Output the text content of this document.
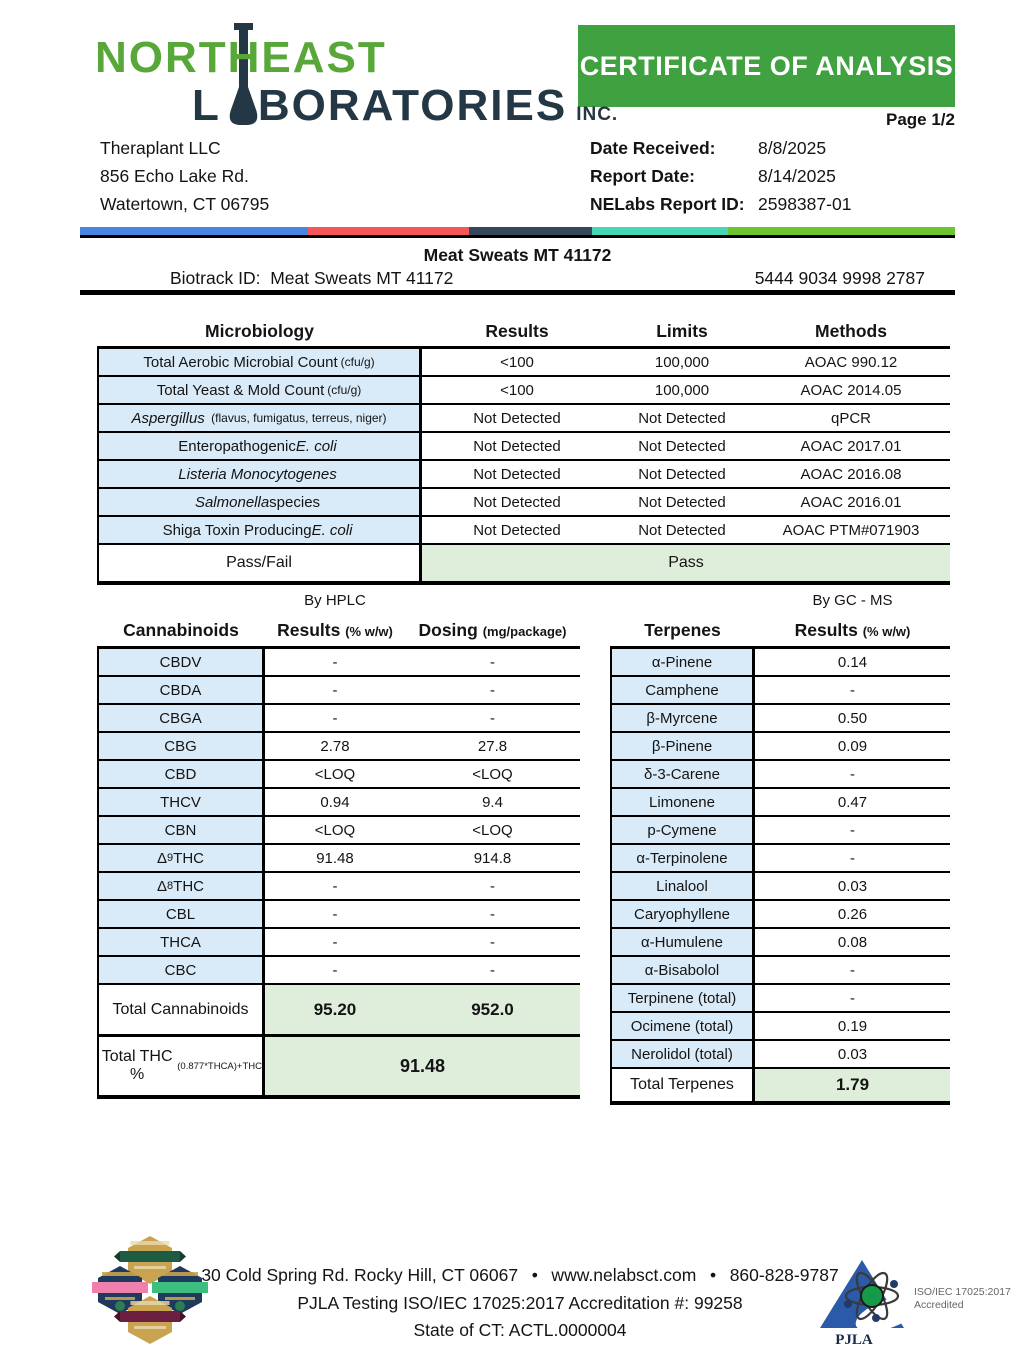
NORTHEAST
L BORATORIES INC.
CERTIFICATE OF ANALYSIS
Page 1/2
Theraplant LLC
856 Echo Lake Rd.
Watertown, CT 06795
Date Received: 8/8/2025
Report Date:	8/14/2025
NELabs Report ID: 2598387-01
Meat Sweats MT 41172
Biotrack ID: Meat Sweats MT 41172	5444 9034 9998 2787
Microbiology	Results	Limits	Methods
Total Aerobic Microbial Count (cfu/g)	<100	100,000	AOAC 990.12
Total Yeast & Mold Count (cfu/g)	<100	100,000	AOAC 2014.05
Aspergillus (flavus, fumigatus, terreus, niger)	Not Detected	Not Detected	qPCR
Enteropathogenic E. coli	Not Detected	Not Detected	AOAC 2017.01
Listeria Monocytogenes	Not Detected	Not Detected	AOAC 2016.08
Salmonella species	Not Detected	Not Detected	AOAC 2016.01
Shiga Toxin Producing E. coli	Not Detected	Not Detected	AOAC PTM#071903
Pass/Fail	Pass
By HPLC	By GC - MS
Cannabinoids	Results (% w/w)	Dosing (mg/package)
CBDV	-	-
CBDA	-	-
CBGA	-	-
CBG	2.78	27.8
CBD	<LOQ	<LOQ
THCV	0.94	9.4
CBN	<LOQ	<LOQ
Δ 9 THC	91.48	914.8
Δ 8 THC	-	-
CBL	-	-
THCA	-	-
CBC	-	-
Total Cannabinoids	95.20	952.0
Total THC %	(0.877*THCA)+THC	91.48
Terpenes	Results (% w/w)
α-Pinene	0.14
Camphene	-
β-Myrcene	0.50
β-Pinene	0.09
δ-3-Carene	-
Limonene	0.47
p-Cymene	-
α-Terpinolene	-
Linalool	0.03
Caryophyllene	0.26
α-Humulene	0.08
α-Bisabolol	-
Terpinene (total)	-
Ocimene (total)	0.19
Nerolidol (total)	0.03
Total Terpenes	1.79
30 Cold Spring Rd. Rocky Hill, CT 06067  •  www.nelabsct.com  •  860-828-9787
PJLA Testing ISO/IEC 17025:2017 Accreditation #: 99258
State of CT: ACTL.0000004	PJLA
ISO/IEC 17025:2017
Accredited
